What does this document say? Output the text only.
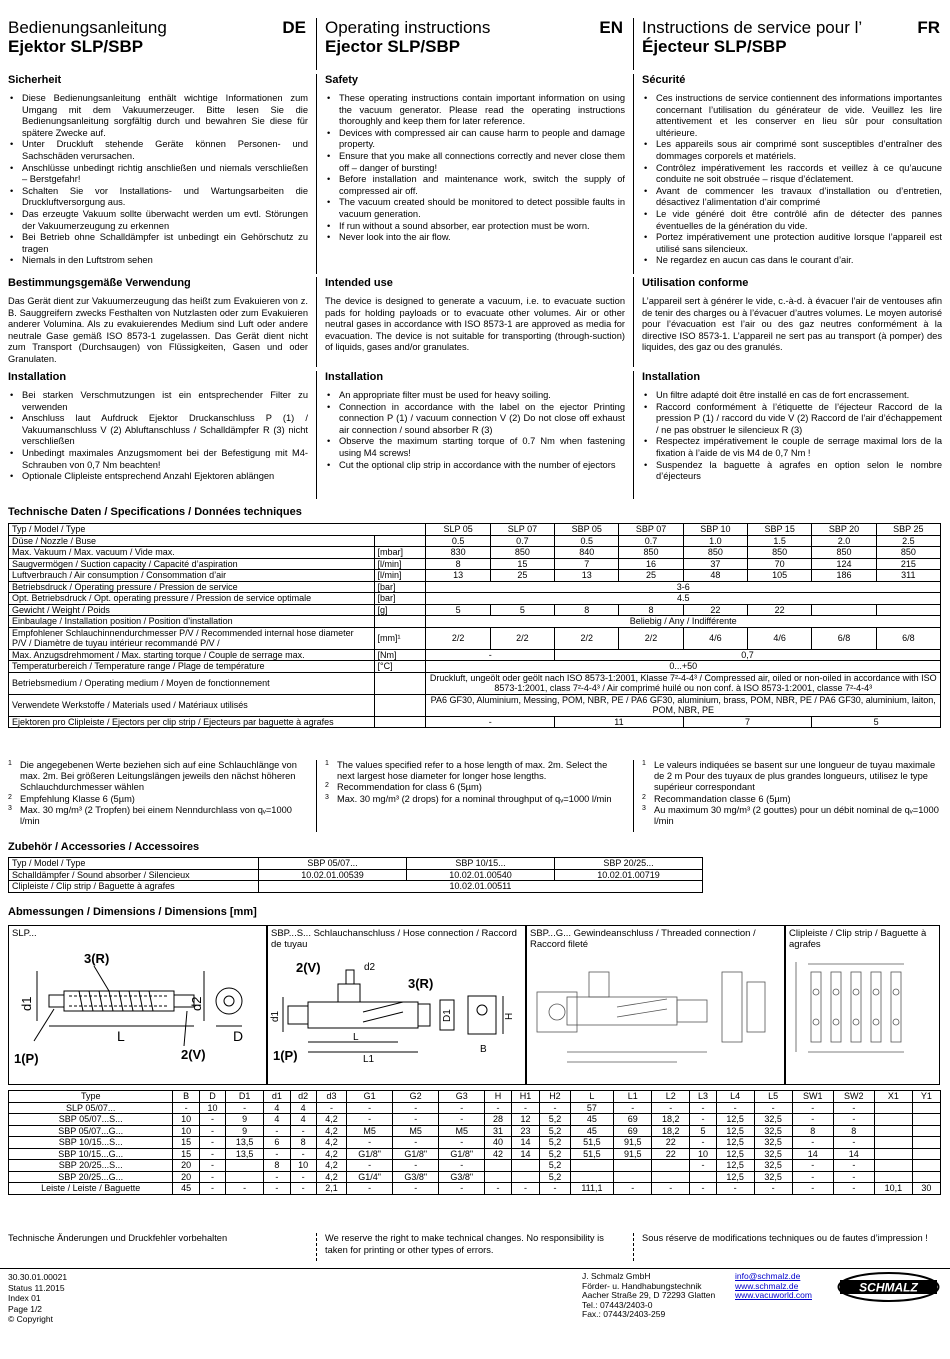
Bedienungsanleitung
Ejektor SLP/SBP
DE Operating instructions
Ejector SLP/SBP
EN Instructions de service pour l’
Éjecteur SLP/SBP
FR
Sicherheit
• Diese Bedienungsanleitung enthält wichtige Informationen zum Umgang mit dem Vakuumerzeuger. Bitte lesen Sie die Bedienungsanleitung sorgfältig durch und bewahren Sie diese für spätere Zwecke auf.
• Unter Druckluft stehende Geräte können Personen- und Sachschäden verursachen.
• Anschlüsse unbedingt richtig anschließen und niemals verschließen – Berstgefahr!
• Schalten Sie vor Installations- und Wartungsarbeiten die Druckluftversorgung aus.
• Das erzeugte Vakuum sollte überwacht werden um evtl. Störungen der Vakuumerzeugung zu erkennen
• Bei Betrieb ohne Schalldämpfer ist unbedingt ein Gehörschutz zu tragen
• Niemals in den Luftstrom sehen
Safety
• These operating instructions contain important information on using the vacuum generator. Please read the operating instructions thoroughly and keep them for later reference.
• Devices with compressed air can cause harm to people and damage property.
• Ensure that you make all connections correctly and never close them off – danger of bursting!
• Before installation and maintenance work, switch the supply of compressed air off.
• The vacuum created should be monitored to detect possible faults in vacuum generation.
• If run without a sound absorber, ear protection must be worn.
• Never look into the air flow.
Sécurité
• Ces instructions de service contiennent des informations importantes concernant l’utilisation du générateur de vide. Veuillez les lire attentivement et les conserver en lieu sûr pour consultation ultérieure.
• Les appareils sous air comprimé sont susceptibles d’entraîner des dommages corporels et matériels.
• Contrôlez impérativement les raccords et veillez à ce qu’aucune conduite ne soit obstruée – risque d’éclatement.
• Avant de commencer les travaux d’installation ou d’entretien, désactivez l’alimentation d’air comprimé
• Le vide généré doit être contrôlé afin de détecter des pannes éventuelles de la génération du vide.
• Portez impérativement une protection auditive lorsque l’appareil est utilisé sans silencieux.
• Ne regardez en aucun cas dans le courant d’air.
Bestimmungsgemäße Verwendung

Das Gerät dient zur Vakuumerzeugung das heißt zum Evakuieren von z. B. Sauggreifern zwecks Festhalten von Nutzlasten oder zum Evakuieren anderer Volumina. Als zu evakuierendes Medium sind Luft oder andere neutrale Gase gemäß ISO 8573-1 zugelassen. Das Gerät dient nicht zum Transport (Durchsaugen) von Flüssigkeiten, Gasen und oder Granulaten.

Intended use

The device is designed to generate a vacuum, i.e. to evacuate suction pads for holding payloads or to evacuate other volumes. Air or other neutral gases in accordance with ISO 8573-1 are approved as media for evacuation. The device is not suitable for transporting (through-suction) of liquids, gases and/or granulates.

Utilisation conforme

L’appareil sert à générer le vide, c.-à-d. à évacuer l’air de ventouses afin de tenir des charges ou à l’évacuer d’autres volumes. Le moyen autorisé pour l’évacuation est l’air ou des gaz neutres conformément à la directive ISO 8573-1. L’appareil ne sert pas au transport (à pomper) des liquides, des gaz ou des granulés.

Installation
• Bei starken Verschmutzungen ist ein entsprechender Filter zu verwenden
• Anschluss laut Aufdruck Ejektor Druckanschluss P (1) / Vakuumanschluss V (2) Abluftanschluss / Schalldämpfer R (3) nicht verschließen
• Unbedingt maximales Anzugsmoment bei der Befestigung mit M4-Schrauben von 0,7 Nm beachten!
• Optionale Clipleiste entsprechend Anzahl Ejektoren ablängen
Installation
• An appropriate filter must be used for heavy soiling.
• Connection in accordance with the label on the ejector Printing connection P (1) / vacuum connection V (2) Do not close off exhaust air connection / sound absorber R (3)
• Observe the maximum starting torque of 0.7 Nm when fastening using M4 screws!
• Cut the optional clip strip in accordance with the number of ejectors
Installation
• Un filtre adapté doit être installé en cas de fort encrassement.
• Raccord conformément à l’étiquette de l’éjecteur Raccord de la pression P (1) / raccord du vide V (2) Raccord de l’air d’échappement / ne pas obstruer le silencieux R (3)
• Respectez impérativement le couple de serrage maximal lors de la fixation à l’aide de vis M4 de 0,7 Nm !
• Suspendez la baguette à agrafes en option selon le nombre d’éjecteurs
Technische Daten / Specifications / Données techniques
Typ / Model / Type		SLP 05	SLP 07	SBP 05	SBP 07	SBP 10	SBP 15	SBP 20	SBP 25
Düse / Nozzle / Buse		0.5	0.7	0.5	0.7	1.0	1.5	2.0	2.5
Max. Vakuum / Max. vacuum / Vide max.	[mbar]	830	850	840	850	850	850	850	850
Saugvermögen / Suction capacity / Capacité d’aspiration	[l/min]	8	15	7	16	37	70	124	215
Luftverbrauch / Air consumption / Consommation d’air	[l/min]	13	25	13	25	48	105	186	311
Betriebsdruck / Operating pressure / Pression de service	[bar]	3-6							
Opt. Betriebsdruck / Opt. operating pressure / Pression de service optimale	[bar]	4.5							
Gewicht / Weight / Poids	[g]	5	5	8	8	22	22		
Einbaulage / Installation position / Position d’installation		Beliebig / Any / Indifférente							
Empfohlener Schlauchinnendurchmesser P/V / Recommended internal hose diameter P/V / Diamètre de tuyau intérieur recommandé P/V /	[mm]¹	2/2	2/2	2/2	2/2	4/6	4/6	6/8	6/8
Max. Anzugsdrehmoment / Max. starting torque / Couple de serrage max.	[Nm]	-		0,7					
Temperaturbereich / Temperature range / Plage de température	[°C]	0...+50							
Betriebsmedium / Operating medium / Moyen de fonctionnement		Druckluft, ungeölt oder geölt nach ISO 8573-1:2001, Klasse 7²-4-4³ / Compressed air, oiled or non-oiled in accordance with ISO 8573-1:2001, class 7²-4-4³ / Air comprimé huilé ou non conf. à ISO 8573-1:2001, classe 7²-4-4³							
Verwendete Werkstoffe / Materials used / Matériaux utilisés		PA6 GF30, Aluminium, Messing, POM, NBR, PE / PA6 GF30, aluminium, brass, POM, NBR, PE / PA6 GF30, aluminium, laiton, POM, NBR, PE							
Ejektoren pro Clipleiste / Ejectors per clip strip / Ejecteurs par baguette à agrafes		-		11		7		5	
1 Die angegebenen Werte beziehen sich auf eine Schlauchlänge von max. 2m. Bei größeren Leitungslängen jeweils den nächst höheren Schlauchdurchmesser wählen
2 Empfehlung Klasse 6 (5µm)
3 Max. 30 mg/m³ (2 Tropfen) bei einem Nenndurchlass von qᵥ=1000 l/min
1 The values specified refer to a hose length of max. 2m. Select the next largest hose diameter for longer hose lengths.
2 Recommendation for class 6 (5µm)
3 Max. 30 mg/m³ (2 drops) for a nominal throughput of qᵥ=1000 l/min
1 Le valeurs indiquées se basent sur une longueur de tuyau maximale de 2 m Pour des tuyaux de plus grandes longueurs, utilisez le type supérieur correspondant
2 Recommandation classe 6 (5µm)
3 Au maximum 30 mg/m³ (2 gouttes) pour un débit nominal de qᵥ=1000 l/min
Zubehör / Accessories / Accessoires
Typ / Model / Type	SBP 05/07...	SBP 10/15...	SBP 20/25...
Schalldämpfer / Sound absorber / Silencieux	10.02.01.00539	10.02.01.00540	10.02.01.00719
Clipleiste / Clip strip / Baguette à agrafes	10.02.01.00511		
Abmessungen / Dimensions / Dimensions [mm]
SLP...
3(R)
d1	d2
L	D
1(P)	2(V)
SBP...S... Schlauchanschluss / Hose connection / Raccord de tuyau
2(V)	d2
3(R)
d1	D1	H
L
L1
B
1(P)
SBP...G... Gewindeanschluss / Threaded connection / Raccord fileté
Clipleiste / Clip strip / Baguette à agrafes
Type	B	D	D1	d1	d2	d3	G1	G2	G3	H	H1	H2	L	L1	L2	L3	L4	L5	SW1	SW2	X1	Y1
SLP 05/07...	-	10	-	4	4	-	-	-	-	-	-	-	57	-	-	-	-	-	-	-		
SBP 05/07...S...	10	-	9	4	4	4,2	-	-	-	28	12	5,2	45	69	18,2	-	12,5	32,5	-	-		
SBP 05/07...G...	10	-	9	-	-	4,2	M5	M5	M5	31	23	5,2	45	69	18,2	5	12,5	32,5	8	8		
SBP 10/15...S...	15	-	13,5	6	8	4,2	-	-	-	40	14	5,2	51,5	91,5	22	-	12,5	32,5	-	-		
SBP 10/15...G...	15	-	13,5	-	-	4,2	G1/8"	G1/8"	G1/8"	42	14	5,2	51,5	91,5	22	10	12,5	32,5	14	14		
SBP 20/25...S...	20	-		8	10	4,2	-	-	-			5,2				-	12,5	32,5	-	-		
SBP 20/25...G...	20	-		-	-	4,2	G1/4"	G3/8"	G3/8"			5,2					12,5	32,5	-	-		
Leiste / Leiste / Baguette	45	-	-	-	-	2,1	-	-	-	-	-	-	111,1	-	-	-	-	-	-	-	10,1	30

Technische Änderungen und Druckfehler vorbehalten	We reserve the right to make technical changes. No responsibility is taken for printing or other types of errors.

Sous réserve de modifications techniques ou de fautes d’impression !

30.30.01.00021
Status 11.2015
Index 01
Page 1/2
© Copyright
J. Schmalz GmbH
Förder- u. Handhabungstechnik
Aacher Straße 29, D 72293 Glatten
Tel.: 07443/2403-0
Fax.: 07443/2403-259
info@schmalz.de
www.schmalz.de
www.vacuworld.com
SCHMALZ
